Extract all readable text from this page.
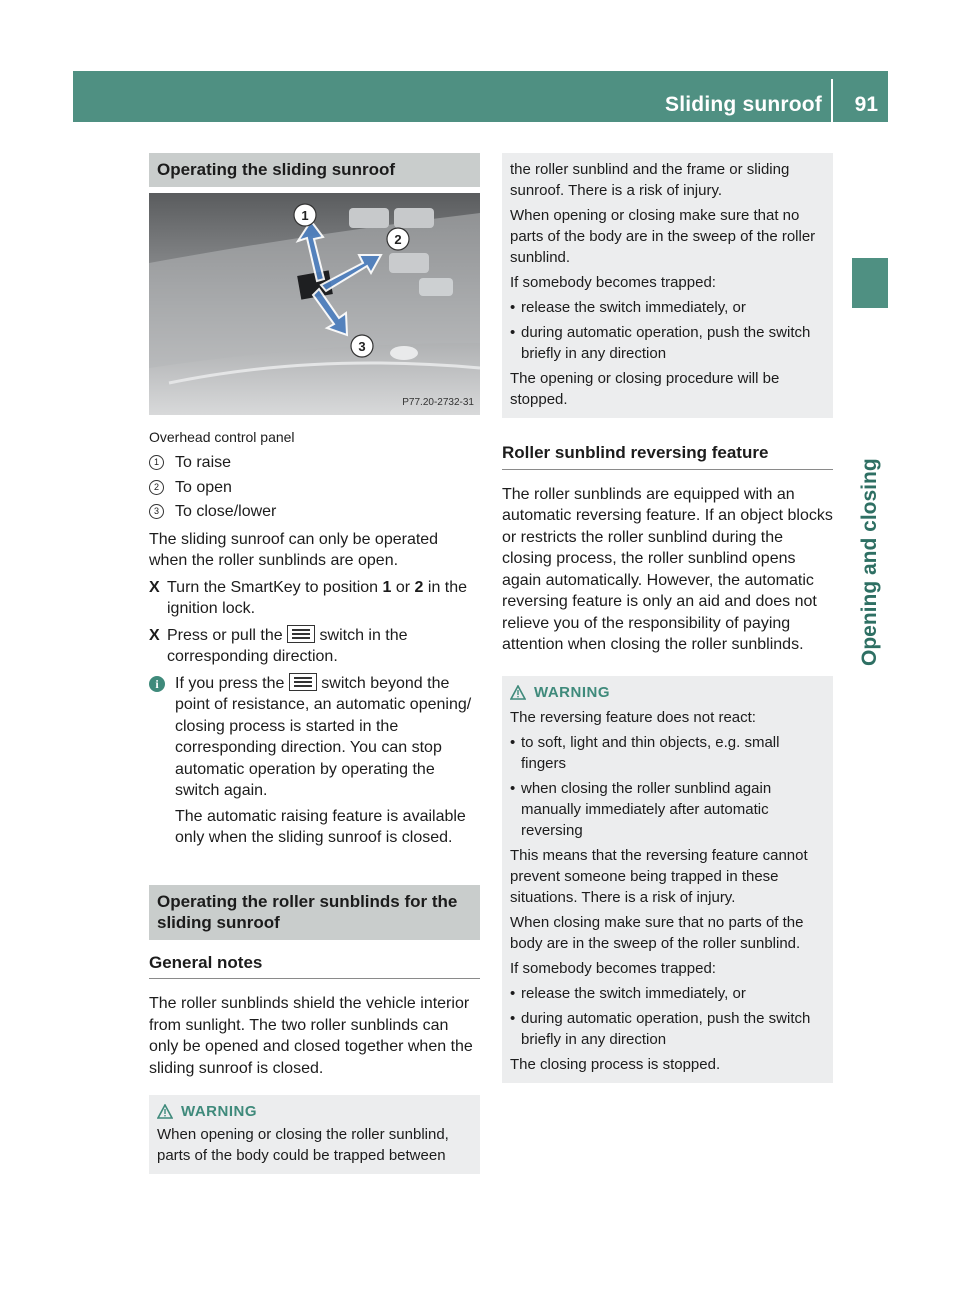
Sliding sunroof 91
Opening and closing
Operating the sliding sunroof
1
2
3
P77.20-2732-31

Overhead control panel

1	To raise

2	To open

3	To close/lower

The sliding sunroof can only be operated when the roller sunblinds are open.

X Turn the SmartKey to position 1 or 2 in the ignition lock.

X Press or pull the  switch in the corresponding direction.

i	If you press the  switch beyond the point of resistance, an automatic opening/ closing process is started in the corresponding direction. You can stop automatic operation by operating the switch again.

The automatic raising feature is available only when the sliding sunroof is closed.

Operating the roller sunblinds for the sliding sunroof
General notes

The roller sunblinds shield the vehicle interior from sunlight. The two roller sunblinds can only be opened and closed together when the sliding sunroof is closed.

WARNING

When opening or closing the roller sunblind, parts of the body could be trapped between

the roller sunblind and the frame or sliding sunroof. There is a risk of injury.

When opening or closing make sure that no parts of the body are in the sweep of the roller sunblind.

If somebody becomes trapped:

• release the switch immediately, or

• during automatic operation, push the switch briefly in any direction

The opening or closing procedure will be stopped.

Roller sunblind reversing feature

The roller sunblinds are equipped with an automatic reversing feature. If an object blocks or restricts the roller sunblind during the closing process, the roller sunblind opens again automatically. However, the automatic reversing feature is only an aid and does not relieve you of the responsibility of paying attention when closing the roller sunblinds.

WARNING

The reversing feature does not react:

• to soft, light and thin objects, e.g. small fingers

• when closing the roller sunblind again manually immediately after automatic reversing

This means that the reversing feature cannot prevent someone being trapped in these situations. There is a risk of injury.

When closing make sure that no parts of the body are in the sweep of the roller sunblind.

If somebody becomes trapped:

• release the switch immediately, or

• during automatic operation, push the switch briefly in any direction

The closing process is stopped.
